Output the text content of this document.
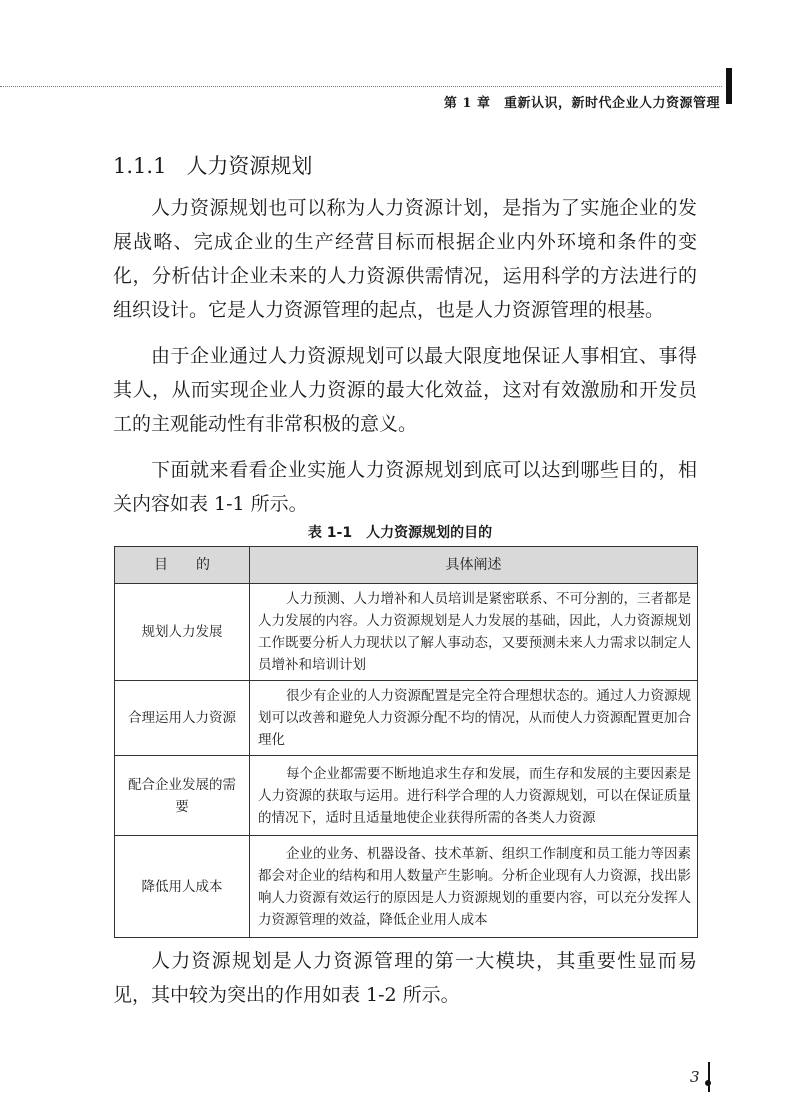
第 1 章　重新认识，新时代企业人力资源管理
1.1.1 人力资源规划

人力资源规划也可以称为人力资源计划，是指为了实施企业的发展战略、完成企业的生产经营目标而根据企业内外环境和条件的变化，分析估计企业未来的人力资源供需情况，运用科学的方法进行的组织设计。它是人力资源管理的起点，也是人力资源管理的根基。

由于企业通过人力资源规划可以最大限度地保证人事相宜、事得其人，从而实现企业人力资源的最大化效益，这对有效激励和开发员工的主观能动性有非常积极的意义。

下面就来看看企业实施人力资源规划到底可以达到哪些目的，相关内容如表 1-1 所示。

表 1-1 人力资源规划的目的
目　　的	具体阐述
规划人力发展	人力预测、人力增补和人员培训是紧密联系、不可分割的，三者都是人力发展的内容。人力资源规划是人力发展的基础，因此，人力资源规划工作既要分析人力现状以了解人事动态，又要预测未来人力需求以制定人员增补和培训计划
合理运用人力资源	很少有企业的人力资源配置是完全符合理想状态的。通过人力资源规划可以改善和避免人力资源分配不均的情况，从而使人力资源配置更加合理化
配合企业发展的需要	每个企业都需要不断地追求生存和发展，而生存和发展的主要因素是人力资源的获取与运用。进行科学合理的人力资源规划，可以在保证质量的情况下，适时且适量地使企业获得所需的各类人力资源
降低用人成本	企业的业务、机器设备、技术革新、组织工作制度和员工能力等因素都会对企业的结构和用人数量产生影响。分析企业现有人力资源，找出影响人力资源有效运行的原因是人力资源规划的重要内容，可以充分发挥人力资源管理的效益，降低企业用人成本

人力资源规划是人力资源管理的第一大模块，其重要性显而易见，其中较为突出的作用如表 1-2 所示。

3
